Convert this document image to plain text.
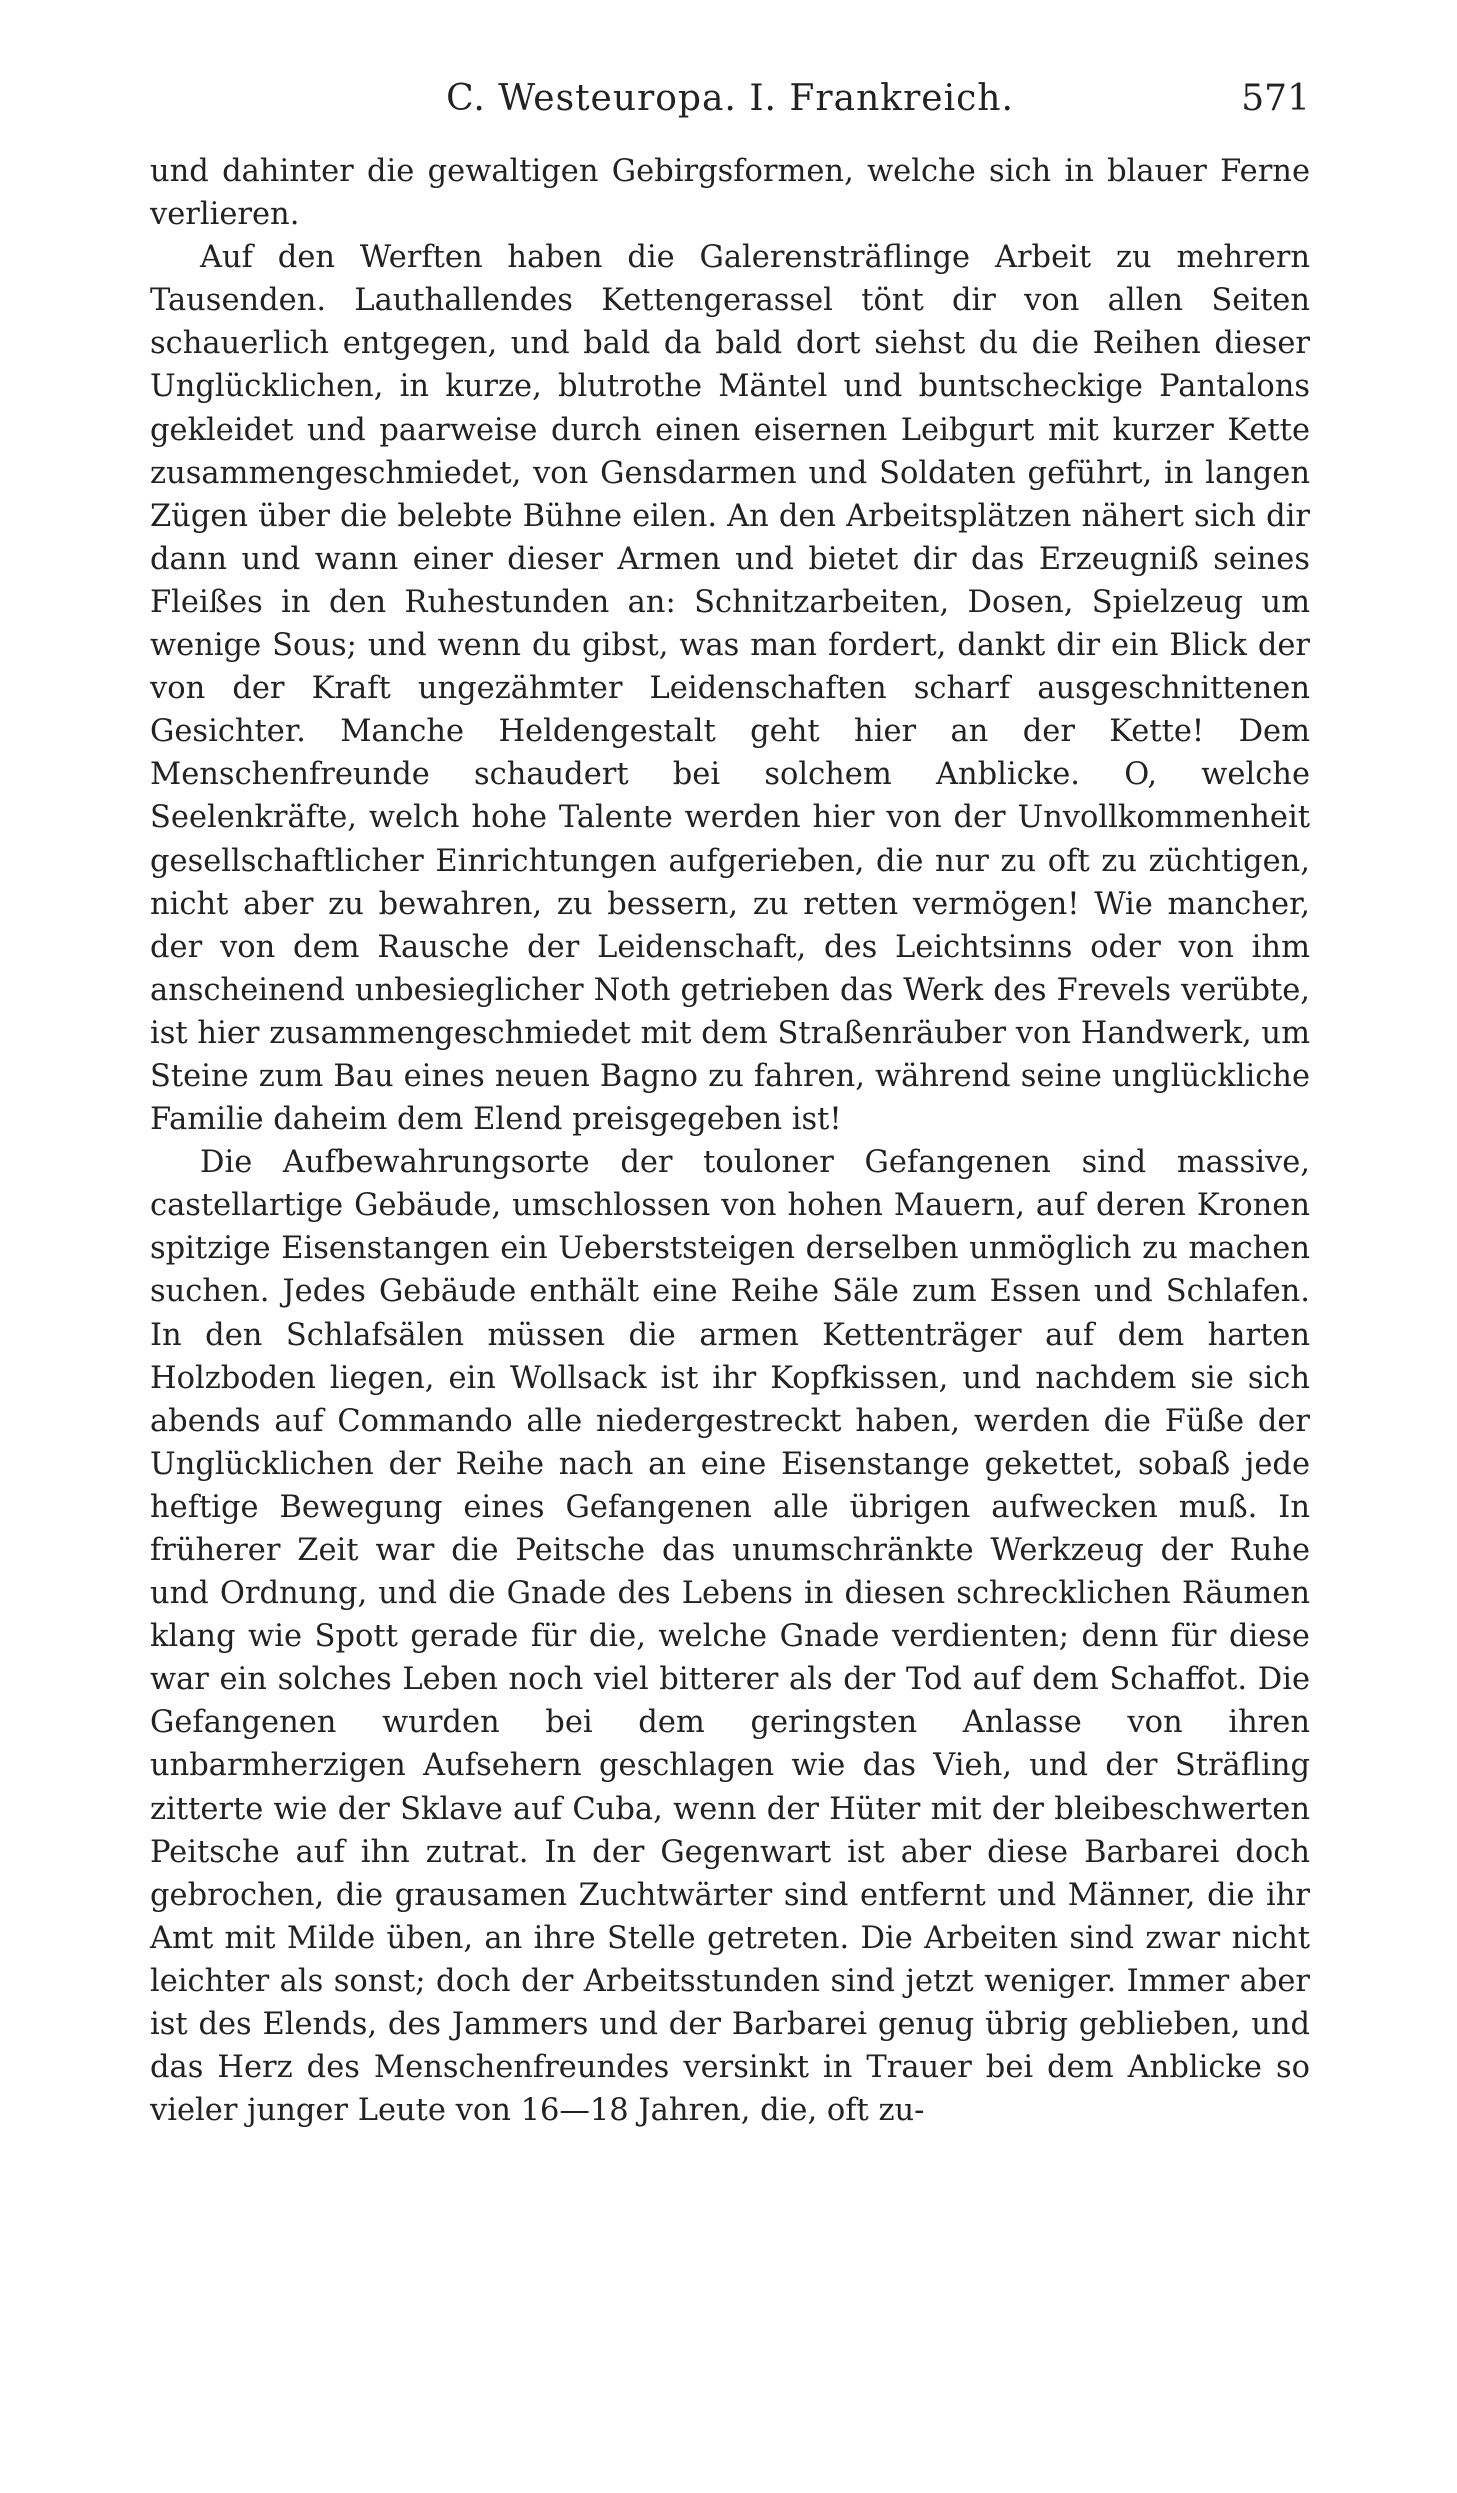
C. Westeuropa. I. Frankreich.	571

und dahinter die gewaltigen Gebirgsformen, welche sich in blauer Ferne verlieren.

Auf den Werften haben die Galerensträflinge Arbeit zu mehrern Tausenden. Lauthallendes Kettengerassel tönt dir von allen Seiten schauerlich entgegen, und bald da bald dort siehst du die Reihen dieser Unglücklichen, in kurze, blutrothe Mäntel und buntscheckige Pantalons gekleidet und paarweise durch einen eisernen Leibgurt mit kurzer Kette zusammengeschmiedet, von Gensdarmen und Soldaten geführt, in langen Zügen über die belebte Bühne eilen. An den Arbeitsplätzen nähert sich dir dann und wann einer dieser Armen und bietet dir das Erzeugniß seines Fleißes in den Ruhestunden an: Schnitzarbeiten, Dosen, Spielzeug um wenige Sous; und wenn du gibst, was man fordert, dankt dir ein Blick der von der Kraft ungezähmter Leidenschaften scharf ausgeschnittenen Gesichter. Manche Heldengestalt geht hier an der Kette! Dem Menschenfreunde schaudert bei solchem Anblicke. O, welche Seelenkräfte, welch hohe Talente werden hier von der Unvollkommenheit gesellschaftlicher Einrichtungen aufgerieben, die nur zu oft zu züchtigen, nicht aber zu bewahren, zu bessern, zu retten vermögen! Wie mancher, der von dem Rausche der Leidenschaft, des Leichtsinns oder von ihm anscheinend unbesieglicher Noth getrieben das Werk des Frevels verübte, ist hier zusammengeschmiedet mit dem Straßenräuber von Handwerk, um Steine zum Bau eines neuen Bagno zu fahren, während seine unglückliche Familie daheim dem Elend preisgegeben ist!

Die Aufbewahrungsorte der toulonеr Gefangenen sind massive, castellartige Gebäude, umschlossen von hohen Mauern, auf deren Kronen spitzige Eisenstangen ein Ueberststeigen derselben unmöglich zu machen suchen. Jedes Gebäude enthält eine Reihe Säle zum Essen und Schlafen. In den Schlafsälen müssen die armen Kettenträger auf dem harten Holzboden liegen, ein Wollsack ist ihr Kopfkissen, und nachdem sie sich abends auf Commando alle niedergestreckt haben, werden die Füße der Unglücklichen der Reihe nach an eine Eisenstange gekettet, sobaß jede heftige Bewegung eines Gefangenen alle übrigen aufwecken muß. In früherer Zeit war die Peitsche das unumschränkte Werkzeug der Ruhe und Ordnung, und die Gnade des Lebens in diesen schrecklichen Räumen klang wie Spott gerade für die, welche Gnade verdienten; denn für diese war ein solches Leben noch viel bitterer als der Tod auf dem Schaffot. Die Gefangenen wurden bei dem geringsten Anlasse von ihren unbarmherzigen Aufsehern geschlagen wie das Vieh, und der Sträfling zitterte wie der Sklave auf Cuba, wenn der Hüter mit der bleibeschwerten Peitsche auf ihn zutrat. In der Gegenwart ist aber diese Barbarei doch gebrochen, die grausamen Zuchtwärter sind entfernt und Männer, die ihr Amt mit Milde üben, an ihre Stelle getreten. Die Arbeiten sind zwar nicht leichter als sonst; doch der Arbeitsstunden sind jetzt weniger. Immer aber ist des Elends, des Jammers und der Barbarei genug übrig geblieben, und das Herz des Menschenfreundes versinkt in Trauer bei dem Anblicke so vieler junger Leute von 16—18 Jahren, die, oft zu-
